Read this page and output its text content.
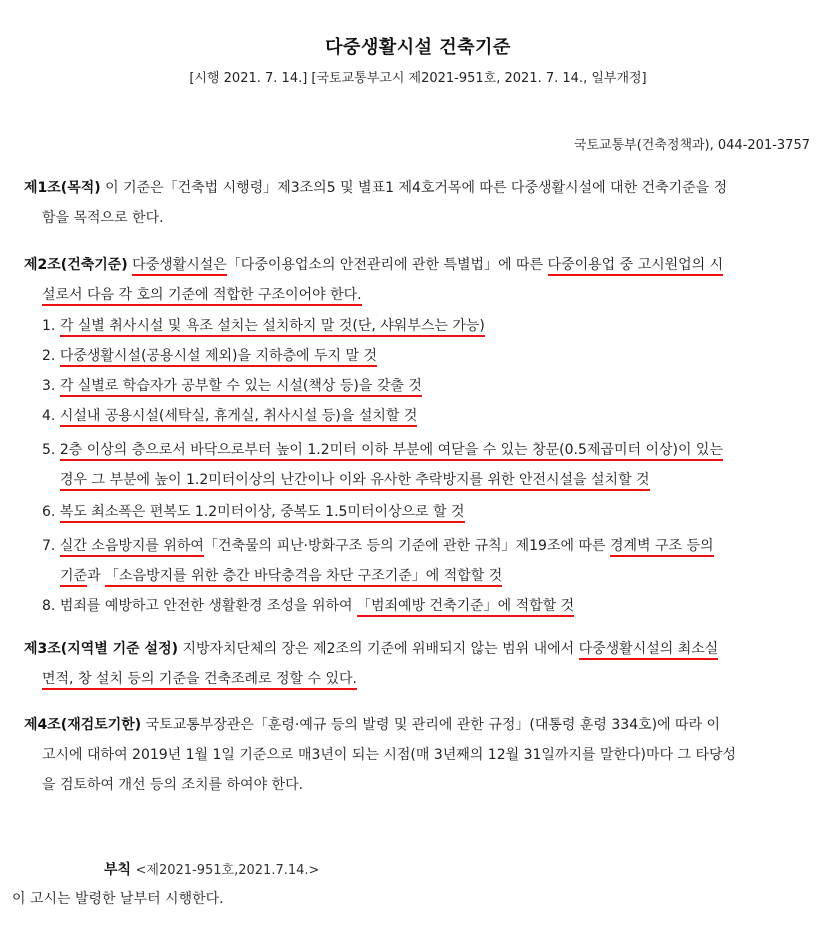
다중생활시설 건축기준
[시행 2021. 7. 14.] [국토교통부고시 제2021-951호, 2021. 7. 14., 일부개정]
국토교통부(건축정책과), 044-201-3757
제1조(목적) 이 기준은「건축법 시행령」제3조의5 및 별표1 제4호거목에 따른 다중생활시설에 대한 건축기준을 정
함을 목적으로 한다.
제2조(건축기준) 다중생활시설은「다중이용업소의 안전관리에 관한 특별법」에 따른 다중이용업 중 고시원업의 시
설로서 다음 각 호의 기준에 적합한 구조이어야 한다.
1. 각 실별 취사시설 및 욕조 설치는 설치하지 말 것(단, 샤워부스는 가능)
2. 다중생활시설(공용시설 제외)을 지하층에 두지 말 것
3. 각 실별로 학습자가 공부할 수 있는 시설(책상 등)을 갖출 것
4. 시설내 공용시설(세탁실, 휴게실, 취사시설 등)을 설치할 것
5. 2층 이상의 층으로서 바닥으로부터 높이 1.2미터 이하 부분에 여닫을 수 있는 창문(0.5제곱미터 이상)이 있는
경우 그 부분에 높이 1.2미터이상의 난간이나 이와 유사한 추락방지를 위한 안전시설을 설치할 것
6. 복도 최소폭은 편복도 1.2미터이상, 중복도 1.5미터이상으로 할 것
7. 실간 소음방지를 위하여「건축물의 피난·방화구조 등의 기준에 관한 규칙」제19조에 따른 경계벽 구조 등의
기준과 「소음방지를 위한 층간 바닥충격음 차단 구조기준」에 적합할 것
8. 범죄를 예방하고 안전한 생활환경 조성을 위하여 「범죄예방 건축기준」에 적합할 것
제3조(지역별 기준 설정) 지방자치단체의 장은 제2조의 기준에 위배되지 않는 범위 내에서 다중생활시설의 최소실
면적, 창 설치 등의 기준을 건축조례로 정할 수 있다.
제4조(재검토기한) 국토교통부장관은「훈령·예규 등의 발령 및 관리에 관한 규정」(대통령 훈령 334호)에 따라 이
고시에 대하여 2019년 1월 1일 기준으로 매3년이 되는 시점(매 3년째의 12월 31일까지를 말한다)마다 그 타당성
을 검토하여 개선 등의 조치를 하여야 한다.
부칙 <제2021-951호,2021.7.14.>
이 고시는 발령한 날부터 시행한다.
